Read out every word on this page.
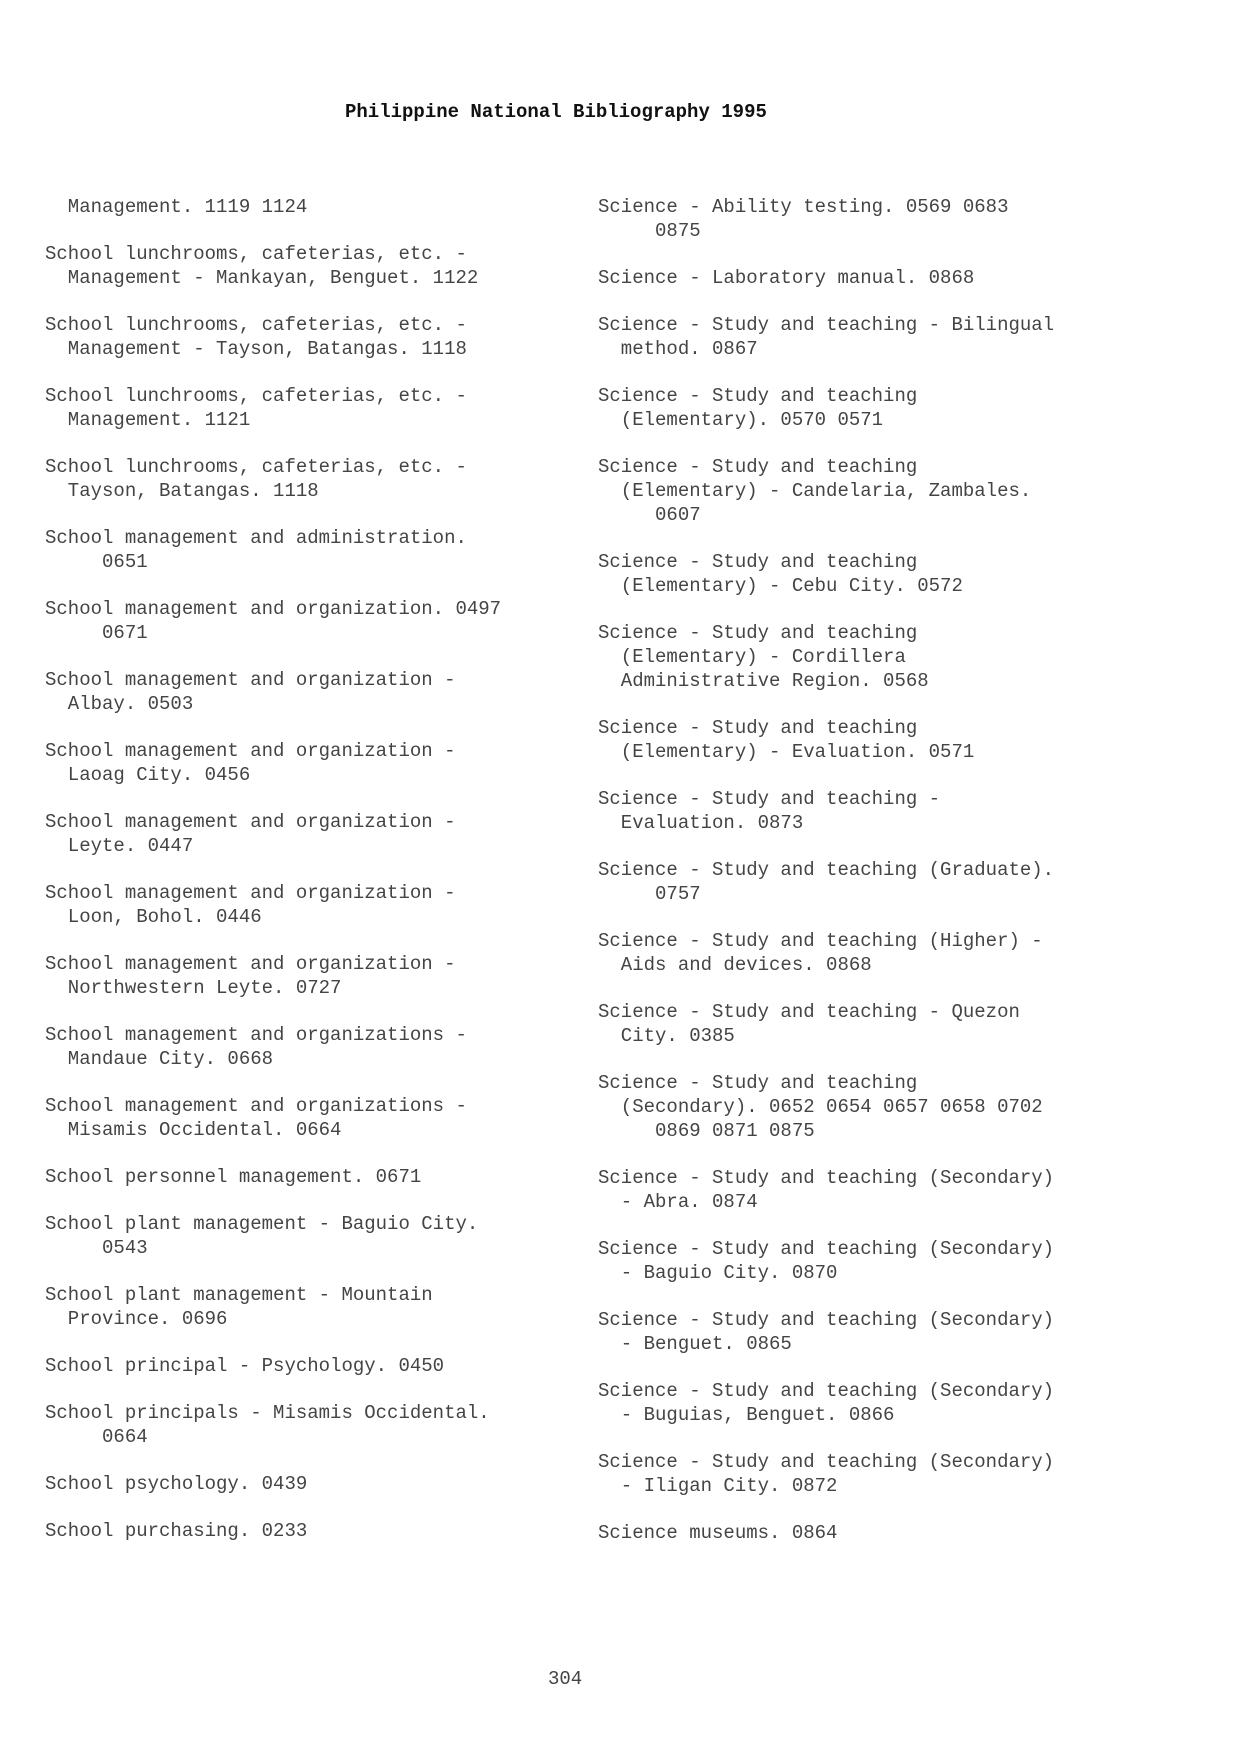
Philippine National Bibliography 1995
Management. 1119 1124
School lunchrooms, cafeterias, etc. -
Management - Mankayan, Benguet. 1122
School lunchrooms, cafeterias, etc. -
Management - Tayson, Batangas. 1118
School lunchrooms, cafeterias, etc. -
Management. 1121
School lunchrooms, cafeterias, etc. -
Tayson, Batangas. 1118
School management and administration.
0651
School management and organization. 0497
0671
School management and organization -
Albay. 0503
School management and organization -
Laoag City. 0456
School management and organization -
Leyte. 0447
School management and organization -
Loon, Bohol. 0446
School management and organization -
Northwestern Leyte. 0727
School management and organizations -
Mandaue City. 0668
School management and organizations -
Misamis Occidental. 0664
School personnel management. 0671
School plant management - Baguio City.
0543
School plant management - Mountain
Province. 0696
School principal - Psychology. 0450
School principals - Misamis Occidental.
0664
School psychology. 0439
School purchasing. 0233
Science - Ability testing. 0569 0683
0875
Science - Laboratory manual. 0868
Science - Study and teaching - Bilingual
method. 0867
Science - Study and teaching
(Elementary). 0570 0571
Science - Study and teaching
(Elementary) - Candelaria, Zambales.
0607
Science - Study and teaching
(Elementary) - Cebu City. 0572
Science - Study and teaching
(Elementary) - Cordillera
Administrative Region. 0568
Science - Study and teaching
(Elementary) - Evaluation. 0571
Science - Study and teaching -
Evaluation. 0873
Science - Study and teaching (Graduate).
0757
Science - Study and teaching (Higher) -
Aids and devices. 0868
Science - Study and teaching - Quezon
City. 0385
Science - Study and teaching
(Secondary). 0652 0654 0657 0658 0702
0869 0871 0875
Science - Study and teaching (Secondary)
- Abra. 0874
Science - Study and teaching (Secondary)
- Baguio City. 0870
Science - Study and teaching (Secondary)
- Benguet. 0865
Science - Study and teaching (Secondary)
- Buguias, Benguet. 0866
Science - Study and teaching (Secondary)
- Iligan City. 0872
Science museums. 0864
304
